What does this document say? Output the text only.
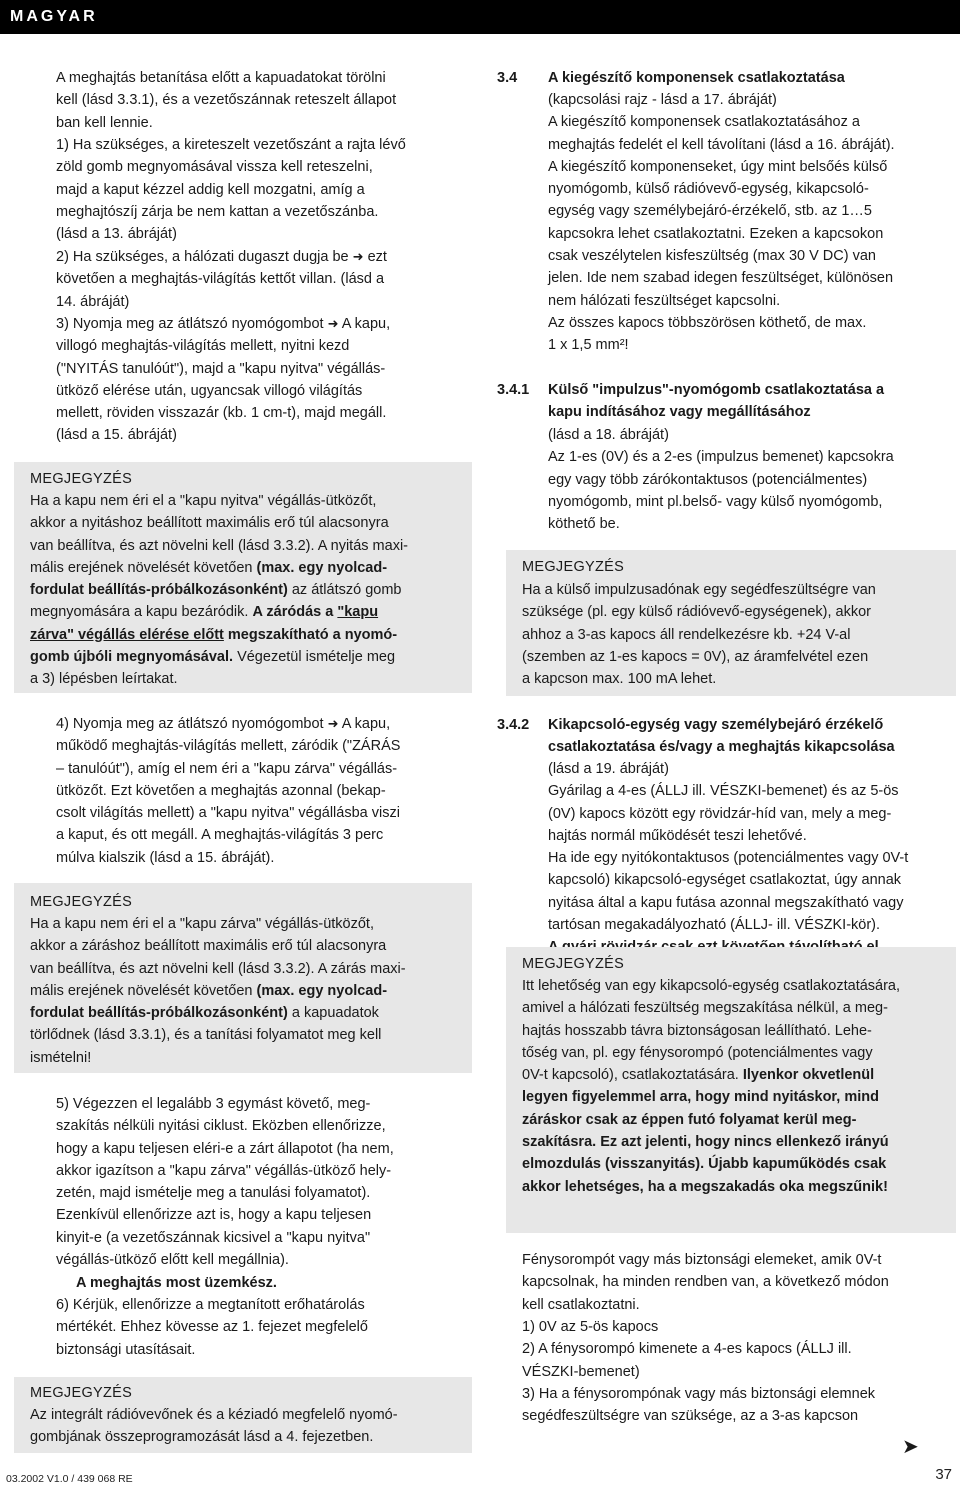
MAGYAR

A meghajtás betanítása előtt a kapuadatokat törölni
kell (lásd 3.3.1), és a vezetőszánnak reteszelt állapot
ban kell lennie.

1) Ha szükséges, a kireteszelt vezetőszánt a rajta lévő
zöld gomb megnyomásával vissza kell reteszelni,
majd a kaput kézzel addig kell mozgatni, amíg a
meghajtószíj zárja be nem kattan a vezetőszánba.
(lásd a 13. ábráját)

2) Ha szükséges, a hálózati dugaszt dugja be ➜ ezt
követően a meghajtás-világítás kettőt villan. (lásd a
14. ábráját)

3) Nyomja meg az átlátszó nyomógombot ➜ A kapu,
villogó meghajtás-világítás mellett, nyitni kezd
("NYITÁS tanulóút"), majd a "kapu nyitva" végállás-
ütköző elérése után, ugyancsak villogó világítás
mellett, röviden visszazár (kb. 1 cm-t), majd megáll.
(lásd a 15. ábráját)

MEGJEGYZÉS

Ha a kapu nem éri el a "kapu nyitva" végállás-ütközőt,
akkor a nyitáshoz beállított maximális erő túl alacsonyra
van beállítva, és azt növelni kell (lásd 3.3.2). A nyitás maxi-
mális erejének növelését követően (max. egy nyolcad-
fordulat beállítás-próbálkozásonként) az átlátszó gomb
megnyomására a kapu bezáródik. A záródás a "kapu
zárva" végállás elérése előtt megszakítható a nyomó-
gomb újbóli megnyomásával. Végezetül ismételje meg
a 3) lépésben leírtakat.

4) Nyomja meg az átlátszó nyomógombot ➜ A kapu,
működő meghajtás-világítás mellett, záródik ("ZÁRÁS
– tanulóút"), amíg el nem éri a "kapu zárva" végállás-
ütközőt. Ezt követően a meghajtás azonnal (bekap-
csolt világítás mellett) a "kapu nyitva" végállásba viszi
a kaput, és ott megáll. A meghajtás-világítás 3 perc
múlva kialszik (lásd a 15. ábráját).

MEGJEGYZÉS

Ha a kapu nem éri el a "kapu zárva" végállás-ütközőt,
akkor a záráshoz beállított maximális erő túl alacsonyra
van beállítva, és azt növelni kell (lásd 3.3.2). A zárás maxi-
mális erejének növelését követően (max. egy nyolcad-
fordulat beállítás-próbálkozásonként) a kapuadatok
törlődnek (lásd 3.3.1), és a tanítási folyamatot meg kell
ismételni!

5) Végezzen el legalább 3 egymást követő, meg-
szakítás nélküli nyitási ciklust. Eközben ellenőrizze,
hogy a kapu teljesen eléri-e a zárt állapotot (ha nem,
akkor igazítson a "kapu zárva" végállás-ütköző hely-
zetén, majd ismételje meg a tanulási folyamatot).
Ezenkívül ellenőrizze azt is, hogy a kapu teljesen
kinyit-e (a vezetőszánnak kicsivel a "kapu nyitva"
végállás-ütköző előtt kell megállnia).

A meghajtás most üzemkész.

6) Kérjük, ellenőrizze a megtanított erőhatárolás
mértékét. Ehhez kövesse az 1. fejezet megfelelő
biztonsági utasításait.

MEGJEGYZÉS

Az integrált rádióvevőnek és a kéziadó megfelelő nyomó-
gombjának összeprogramozását lásd a 4. fejezetben.

3.4 A kiegészítő komponensek csatlakoztatása

(kapcsolási rajz - lásd a 17. ábráját)
A kiegészítő komponensek csatlakoztatásához a
meghajtás fedelét el kell távolítani (lásd a 16. ábráját).
A kiegészítő komponenseket, úgy mint belsőés külső
nyomógomb, külső rádióvevő-egység, kikapcsoló-
egység vagy személybejáró-érzékelő, stb. az 1…5
kapcsokra lehet csatlakoztatni. Ezeken a kapcsokon
csak veszélytelen kisfeszültség (max 30 V DC) van
jelen. Ide nem szabad idegen feszültséget, különösen
nem hálózati feszültséget kapcsolni.
Az összes kapocs többszörösen köthető, de max.
1 x 1,5 mm²!

3.4.1 Külső "impulzus"-nyomógomb csatlakoztatása a
kapu indításához vagy megállításához

(lásd a 18. ábráját)
Az 1-es (0V) és a 2-es (impulzus bemenet) kapcsokra
egy vagy több zárókontaktusos (potenciálmentes)
nyomógomb, mint pl.belső- vagy külső nyomógomb,
köthető be.

MEGJEGYZÉS

Ha a külső impulzusadónak egy segédfeszültségre van
szüksége (pl. egy külső rádióvevő-egységenek), akkor
ahhoz a 3-as kapocs áll rendelkezésre kb. +24 V-al
(szemben az 1-es kapocs = 0V), az áramfelvétel ezen
a kapcson max. 100 mA lehet.

3.4.2 Kikapcsoló-egység vagy személybejáró érzékelő
csatlakoztatása és/vagy a meghajtás kikapcsolása

(lásd a 19. ábráját)
Gyárilag a 4-es (ÁLLJ ill. VÉSZKI-bemenet) és az 5-ös
(0V) kapocs között egy rövidzár-híd van, mely a meg-
hajtás normál működését teszi lehetővé.
Ha ide egy nyitókontaktusos (potenciálmentes vagy 0V-t
kapcsoló) kikapcsoló-egységet csatlakoztat, úgy annak
nyitása által a kapu futása azonnal megszakítható vagy
tartósan megakadályozható (ÁLLJ- ill. VÉSZKI-kör).

MEGJEGYZÉS

Itt lehetőség van egy kikapcsoló-egység csatlakoztatására,
amivel a hálózati feszültség megszakítása nélkül, a meg-
hajtás hosszabb távra biztonságosan leállítható. Lehe-
tőség van, pl. egy fénysorompó (potenciálmentes vagy
0V-t kapcsoló), csatlakoztatására. Ilyenkor okvetlenül
legyen figyelemmel arra, hogy mind nyitáskor, mind
záráskor csak az éppen futó folyamat kerül meg-
szakításra. Ez azt jelenti, hogy nincs ellenkező irányú
elmozdulás (visszanyitás). Újabb kapuműködés csak
akkor lehetséges, ha a megszakadás oka megszűnik!

Fénysorompót vagy más biztonsági elemeket, amik 0V-t
kapcsolnak, ha minden rendben van, a következő módon
kell csatlakoztatni.

1) 0V az 5-ös kapocs
2) A fénysorompó kimenete a 4-es kapocs (ÁLLJ ill.
VÉSZKI-bemenet)
3) Ha a fénysorompónak vagy más biztonsági elemnek
segédfeszültségre van szüksége, az a 3-as kapcson

➤
03.2002 V1.0 / 439 068 RE	37
